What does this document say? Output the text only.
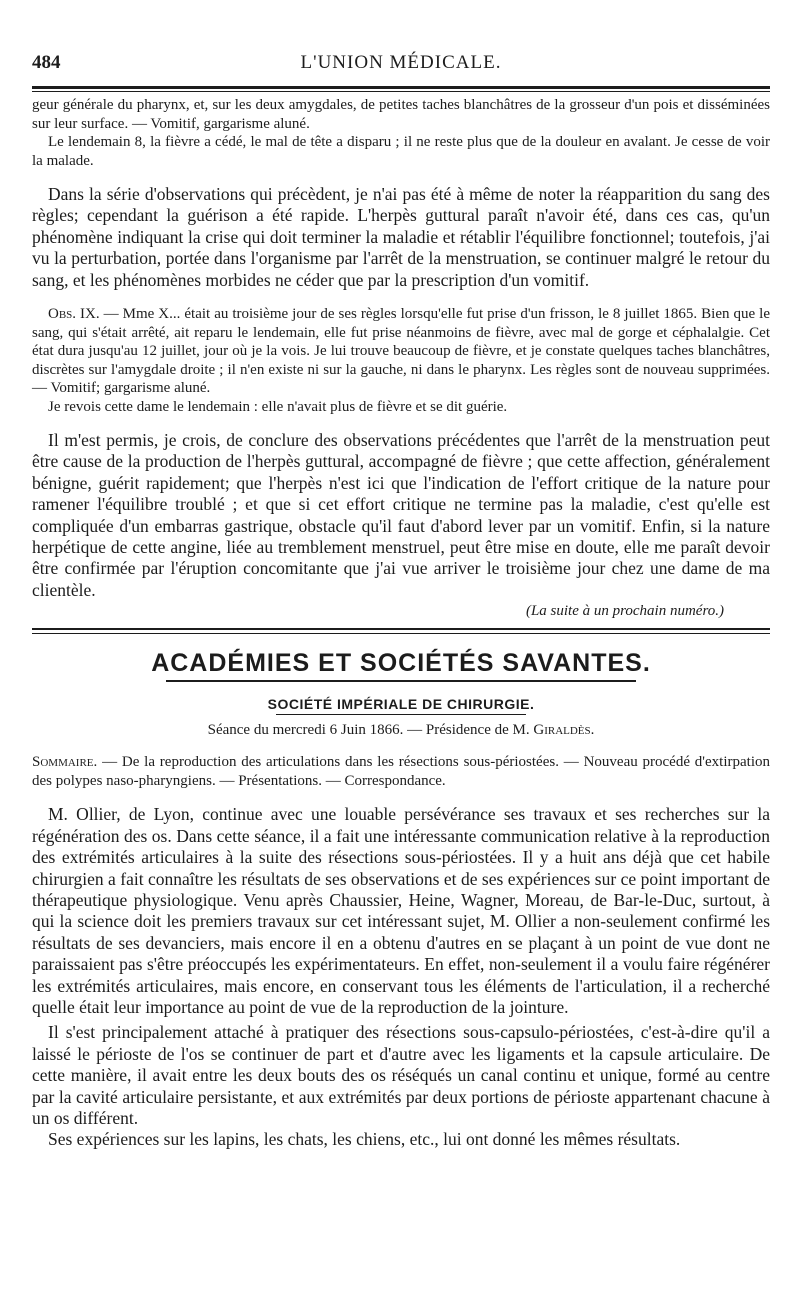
484	L'UNION MÉDICALE.

geur générale du pharynx, et, sur les deux amygdales, de petites taches blanchâtres de la grosseur d'un pois et disséminées sur leur surface. — Vomitif, gargarisme aluné.

Le lendemain 8, la fièvre a cédé, le mal de tête a disparu ; il ne reste plus que de la douleur en avalant. Je cesse de voir la malade.

Dans la série d'observations qui précèdent, je n'ai pas été à même de noter la réapparition du sang des règles; cependant la guérison a été rapide. L'herpès guttural paraît n'avoir été, dans ces cas, qu'un phénomène indiquant la crise qui doit terminer la maladie et rétablir l'équilibre fonctionnel; toutefois, j'ai vu la perturbation, portée dans l'organisme par l'arrêt de la menstruation, se continuer malgré le retour du sang, et les phénomènes morbides ne céder que par la prescription d'un vomitif.

Obs. IX. — Mme X... était au troisième jour de ses règles lorsqu'elle fut prise d'un frisson, le 8 juillet 1865. Bien que le sang, qui s'était arrêté, ait reparu le lendemain, elle fut prise néanmoins de fièvre, avec mal de gorge et céphalalgie. Cet état dura jusqu'au 12 juillet, jour où je la vois. Je lui trouve beaucoup de fièvre, et je constate quelques taches blanchâtres, discrètes sur l'amygdale droite ; il n'en existe ni sur la gauche, ni dans le pharynx. Les règles sont de nouveau supprimées. — Vomitif; gargarisme aluné.

Je revois cette dame le lendemain : elle n'avait plus de fièvre et se dit guérie.

Il m'est permis, je crois, de conclure des observations précédentes que l'arrêt de la menstruation peut être cause de la production de l'herpès guttural, accompagné de fièvre ; que cette affection, généralement bénigne, guérit rapidement; que l'herpès n'est ici que l'indication de l'effort critique de la nature pour ramener l'équilibre troublé ; et que si cet effort critique ne termine pas la maladie, c'est qu'elle est compliquée d'un embarras gastrique, obstacle qu'il faut d'abord lever par un vomitif. Enfin, si la nature herpétique de cette angine, liée au tremblement menstruel, peut être mise en doute, elle me paraît devoir être confirmée par l'éruption concomitante que j'ai vue arriver le troisième jour chez une dame de ma clientèle.

(La suite à un prochain numéro.)
ACADÉMIES ET SOCIÉTÉS SAVANTES.
SOCIÉTÉ IMPÉRIALE DE CHIRURGIE.
Séance du mercredi 6 Juin 1866. — Présidence de M. Giraldès.

Sommaire. — De la reproduction des articulations dans les résections sous-périostées. — Nouveau procédé d'extirpation des polypes naso-pharyngiens. — Présentations. — Correspondance.

M. Ollier, de Lyon, continue avec une louable persévérance ses travaux et ses recherches sur la régénération des os. Dans cette séance, il a fait une intéressante communication relative à la reproduction des extrémités articulaires à la suite des résections sous-périostées. Il y a huit ans déjà que cet habile chirurgien a fait connaître les résultats de ses observations et de ses expériences sur ce point important de thérapeutique physiologique. Venu après Chaussier, Heine, Wagner, Moreau, de Bar-le-Duc, surtout, à qui la science doit les premiers travaux sur cet intéressant sujet, M. Ollier a non-seulement confirmé les résultats de ses devanciers, mais encore il en a obtenu d'autres en se plaçant à un point de vue dont ne paraissaient pas s'être préoccupés les expérimentateurs. En effet, non-seulement il a voulu faire régénérer les extrémités articulaires, mais encore, en conservant tous les éléments de l'articulation, il a recherché quelle était leur importance au point de vue de la reproduction de la jointure.

Il s'est principalement attaché à pratiquer des résections sous-capsulo-périostées, c'est-à-dire qu'il a laissé le périoste de l'os se continuer de part et d'autre avec les ligaments et la capsule articulaire. De cette manière, il avait entre les deux bouts des os réséqués un canal continu et unique, formé au centre par la cavité articulaire persistante, et aux extrémités par deux portions de périoste appartenant chacune à un os différent.

Ses expériences sur les lapins, les chats, les chiens, etc., lui ont donné les mêmes résultats.
